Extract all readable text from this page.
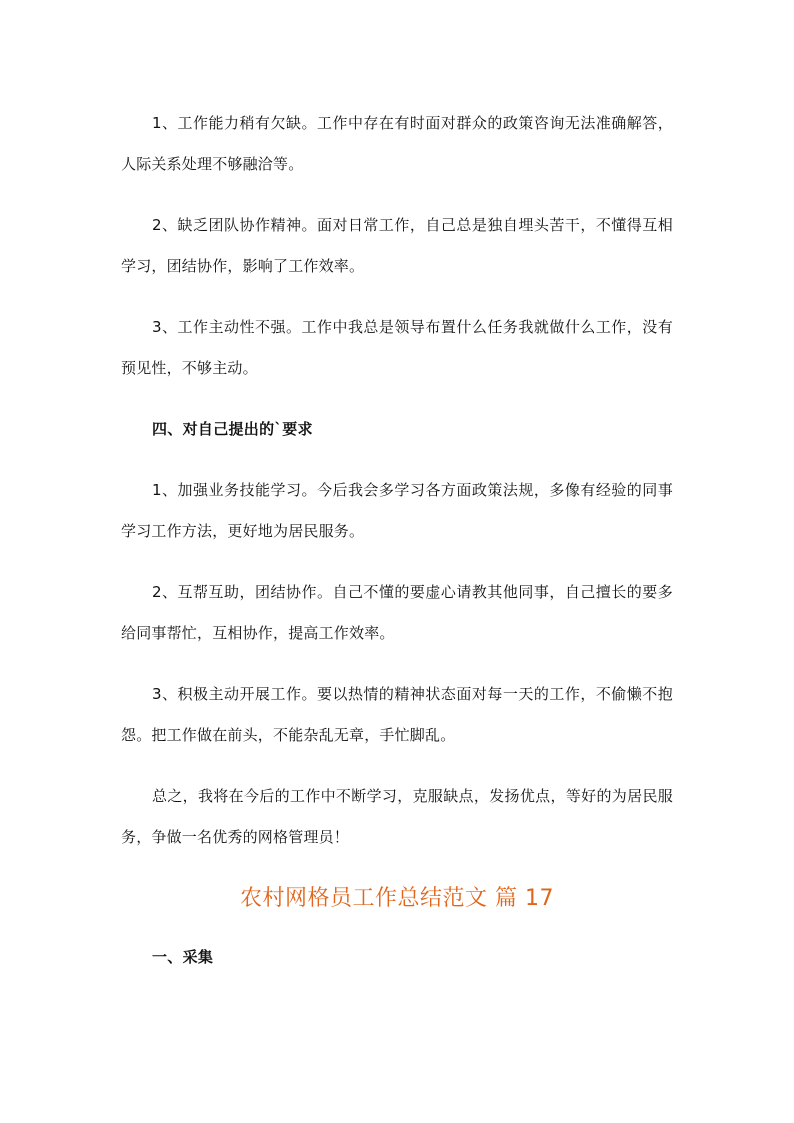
1、工作能力稍有欠缺。工作中存在有时面对群众的政策咨询无法准确解答，人际关系处理不够融洽等。

2、缺乏团队协作精神。面对日常工作，自己总是独自埋头苦干，不懂得互相学习，团结协作，影响了工作效率。

3、工作主动性不强。工作中我总是领导布置什么任务我就做什么工作，没有预见性，不够主动。

四、对自己提出的`要求

1、加强业务技能学习。今后我会多学习各方面政策法规，多像有经验的同事学习工作方法，更好地为居民服务。

2、互帮互助，团结协作。自己不懂的要虚心请教其他同事，自己擅长的要多给同事帮忙，互相协作，提高工作效率。

3、积极主动开展工作。要以热情的精神状态面对每一天的工作，不偷懒不抱怨。把工作做在前头，不能杂乱无章，手忙脚乱。

总之，我将在今后的工作中不断学习，克服缺点，发扬优点，等好的为居民服务，争做一名优秀的网格管理员！

农村网格员工作总结范文 篇 17
一、采集
